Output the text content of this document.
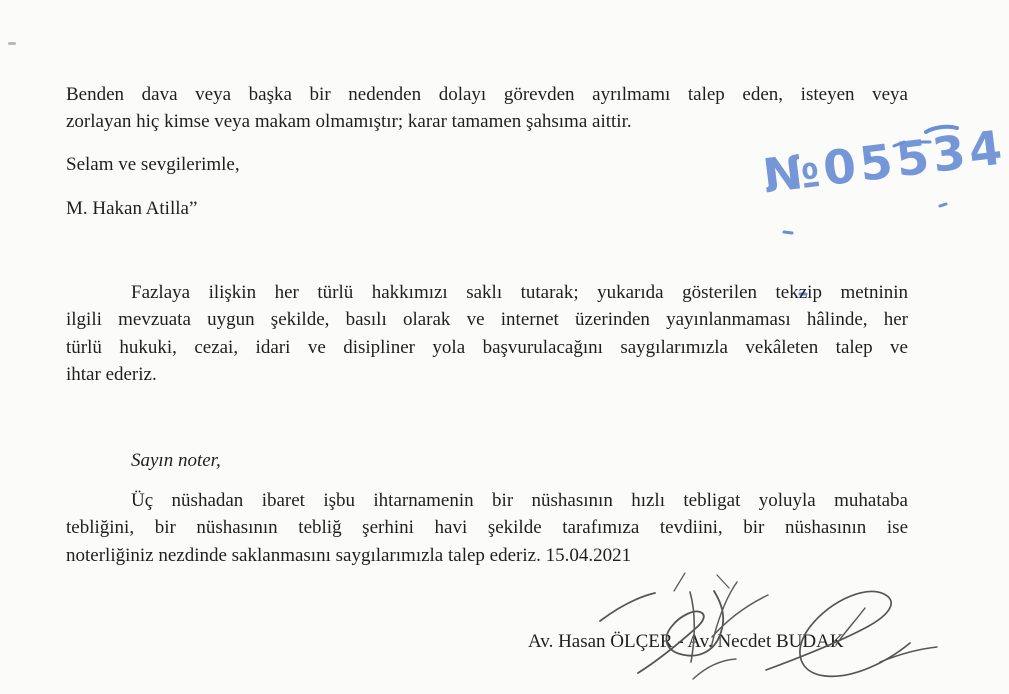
Benden dava veya başka bir nedenden dolayı görevden ayrılmamı talep eden, isteyen veya
zorlayan hiç kimse veya makam olmamıştır; karar tamamen şahsıma aittir.
Selam ve sevgilerimle,
M. Hakan Atilla”
№05534
Fazlaya ilişkin her türlü hakkımızı saklı tutarak; yukarıda gösterilen tekzip metninin
ilgili mevzuata uygun şekilde, basılı olarak ve internet üzerinden yayınlanmaması hâlinde, her
türlü hukuki, cezai, idari ve disipliner yola başvurulacağını saygılarımızla vekâleten talep ve
ihtar ederiz.
Sayın noter,
Üç nüshadan ibaret işbu ihtarnamenin bir nüshasının hızlı tebligat yoluyla muhataba
tebliğini, bir nüshasının tebliğ şerhini havi şekilde tarafımıza tevdiini, bir nüshasının ise
noterliğiniz nezdinde saklanmasını saygılarımızla talep ederiz. 15.04.2021
Av. Hasan ÖLÇER - Av. Necdet BUDAK
